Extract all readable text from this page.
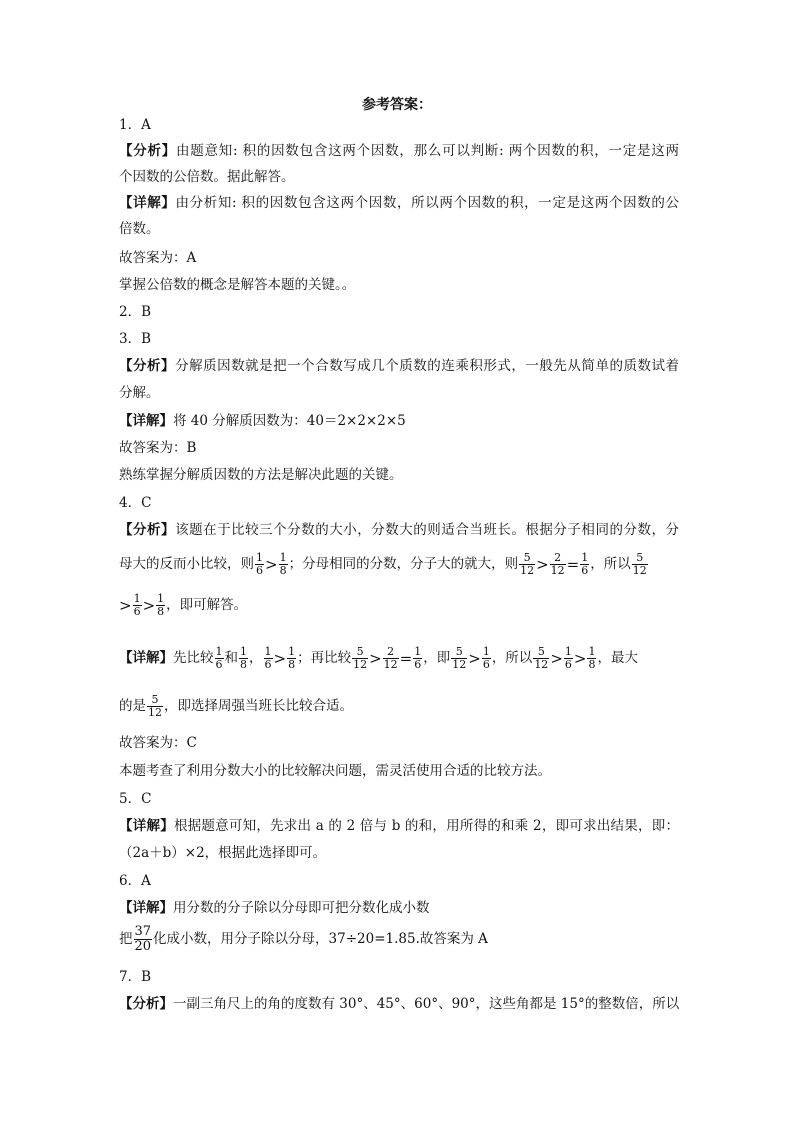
参考答案：
1．A
【分析】由题意知: 积的因数包含这两个因数，那么可以判断: 两个因数的积，一定是这两
个因数的公倍数。据此解答。
【详解】由分析知: 积的因数包含这两个因数，所以两个因数的积，一定是这两个因数的公
倍数。
故答案为：A
掌握公倍数的概念是解答本题的关键。。
2．B
3．B
【分析】分解质因数就是把一个合数写成几个质数的连乘积形式，一般先从简单的质数试着
分解。
【详解】将 40 分解质因数为：40＝2×2×2×5
故答案为：B
熟练掌握分解质因数的方法是解决此题的关键。
4．C
【分析】该题在于比较三个分数的大小，分数大的则适合当班长。根据分子相同的分数，分
母大的反而小比较，则 $\frac{1}{6} > \frac{1}{8}$ ；分母相同的分数，分子大的就大，则 $\frac{5}{12} > \frac{2}{12} = \frac{1}{6}$ ，所以 $\frac{5}{12}$
> $\frac{1}{6} > \frac{1}{8}$ ，即可解答。
【详解】先比较 $\frac{1}{6}$ 和 $\frac{1}{8}$ ， $\frac{1}{6} > \frac{1}{8}$ ；再比较 $\frac{5}{12} > \frac{2}{12} = \frac{1}{6}$ ，即 $\frac{5}{12} > \frac{1}{6}$ ，所以 $\frac{5}{12} > \frac{1}{6} > \frac{1}{8}$ ，最大
的是 $\frac{5}{12}$ ，即选择周强当班长比较合适。
故答案为：C
本题考查了利用分数大小的比较解决问题，需灵活使用合适的比较方法。
5．C
【详解】根据题意可知，先求出 a 的 2 倍与 b 的和，用所得的和乘 2，即可求出结果，即：
（2a＋b）×2，根据此选择即可。
6．A
【详解】用分数的分子除以分母即可把分数化成小数
把 $\frac{37}{20}$ 化成小数，用分子除以分母，37÷20=1.85.故答案为 A
7．B
【分析】一副三角尺上的角的度数有 30°、45°、60°、90°，这些角都是 15°的整数倍，所以
